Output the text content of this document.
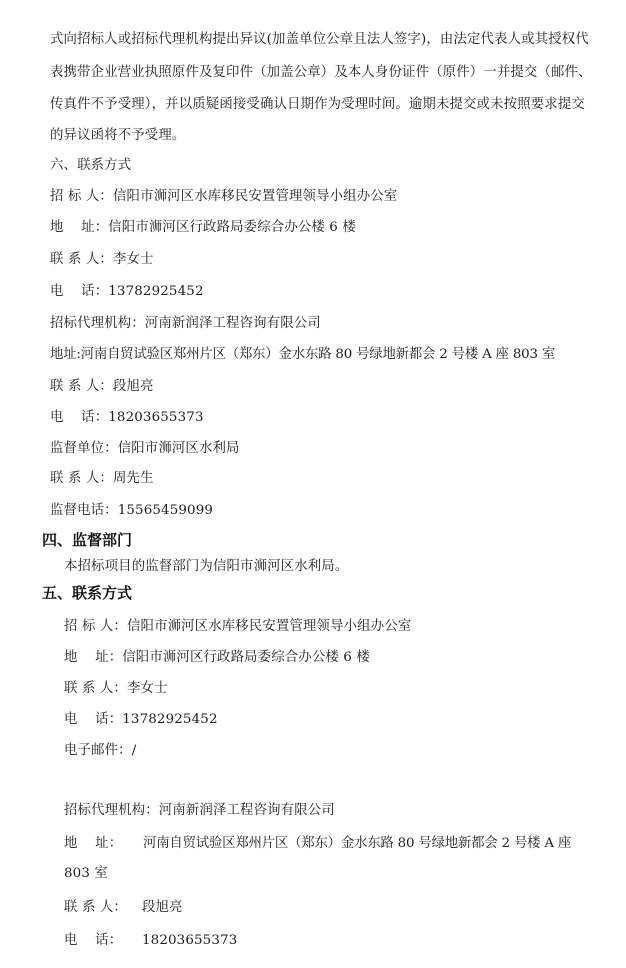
式向招标人或招标代理机构提出异议(加盖单位公章且法人签字)，由法定代表人或其授权代
表携带企业营业执照原件及复印件（加盖公章）及本人身份证件（原件）一并提交（邮件、
传真件不予受理），并以质疑函接受确认日期作为受理时间。逾期未提交或未按照要求提交
的异议函将不予受理。
六、联系方式
招 标 人：信阳市浉河区水库移民安置管理领导小组办公室
地    址：信阳市浉河区行政路局委综合办公楼 6 楼
联 系 人：李女士
电    话：13782925452
招标代理机构：河南新润泽工程咨询有限公司
地址:河南自贸试验区郑州片区（郑东）金水东路 80 号绿地新都会 2 号楼 A 座 803 室
联 系 人：段旭亮
电    话：18203655373
监督单位：信阳市浉河区水利局
联 系 人：周先生
监督电话：15565459099
四、监督部门
本招标项目的监督部门为信阳市浉河区水利局。
五、联系方式
招 标 人：信阳市浉河区水库移民安置管理领导小组办公室
地    址：信阳市浉河区行政路局委综合办公楼 6 楼
联 系 人：李女士
电    话：13782925452
电子邮件：/
招标代理机构：河南新润泽工程咨询有限公司
地    址：	河南自贸试验区郑州片区（郑东）金水东路 80 号绿地新都会 2 号楼 A 座
803 室
联 系 人： 段旭亮
电    话： 18203655373
